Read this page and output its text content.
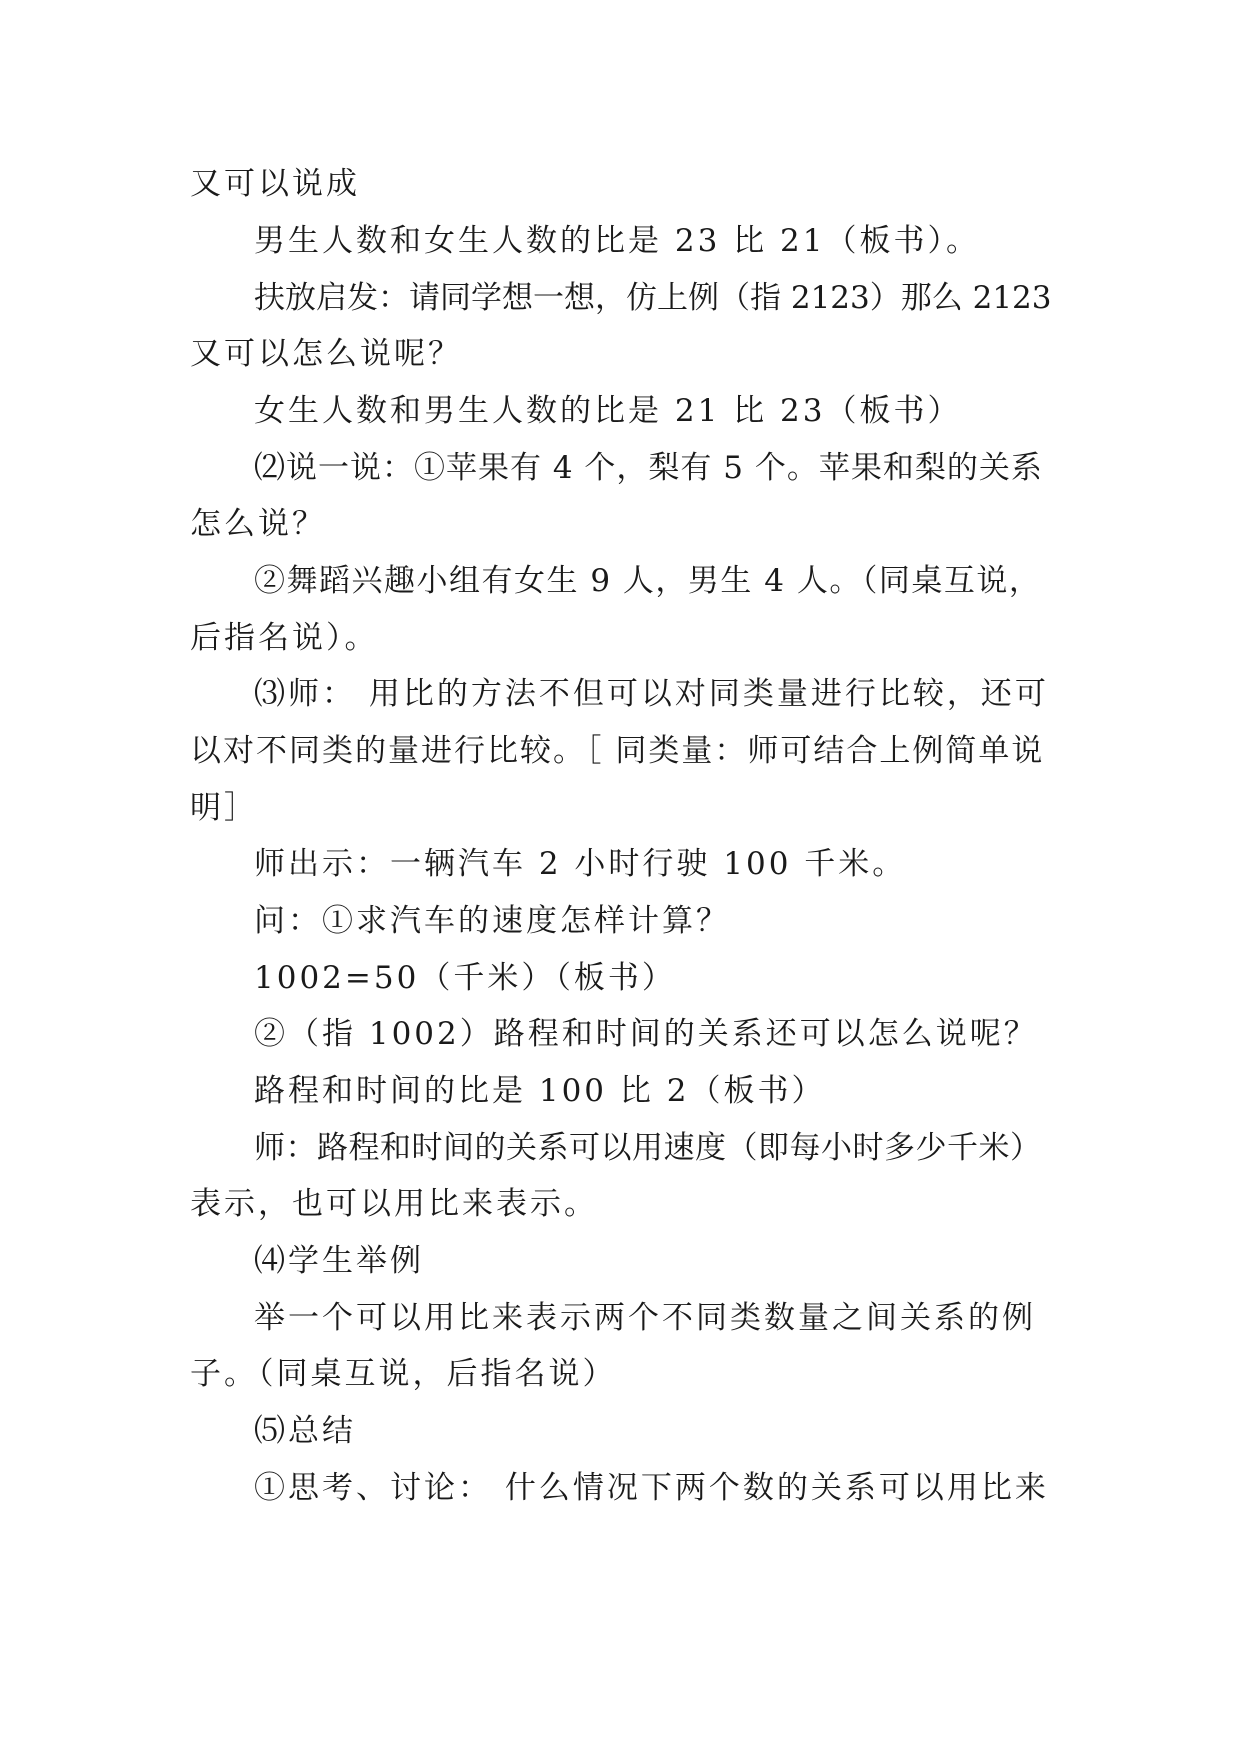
又可以说成
男生人数和女生人数的比是 23 比 21（板书）。
扶放启发：请同学想一想，仿上例（指 2123）那么 2123
又可以怎么说呢？
女生人数和男生人数的比是 21 比 23（板书）
⑵说一说：①苹果有 4 个，梨有 5 个。苹果和梨的关系
怎么说？
②舞蹈兴趣小组有女生 9 人，男生 4 人。（同桌互说，
后指名说）。
⑶师： 用比的方法不但可以对同类量进行比较，还可
以对不同类的量进行比较。［ 同类量：师可结合上例简单说
明］
师出示：一辆汽车 2 小时行驶 100 千米。
问：①求汽车的速度怎样计算？
1002=50（千米）（板书）
②（指 1002）路程和时间的关系还可以怎么说呢？
路程和时间的比是 100 比 2（板书）
师：路程和时间的关系可以用速度（即每小时多少千米）
表示，也可以用比来表示。
⑷学生举例
举一个可以用比来表示两个不同类数量之间关系的例
子。（同桌互说，后指名说）
⑸总结
①思考、讨论： 什么情况下两个数的关系可以用比来
